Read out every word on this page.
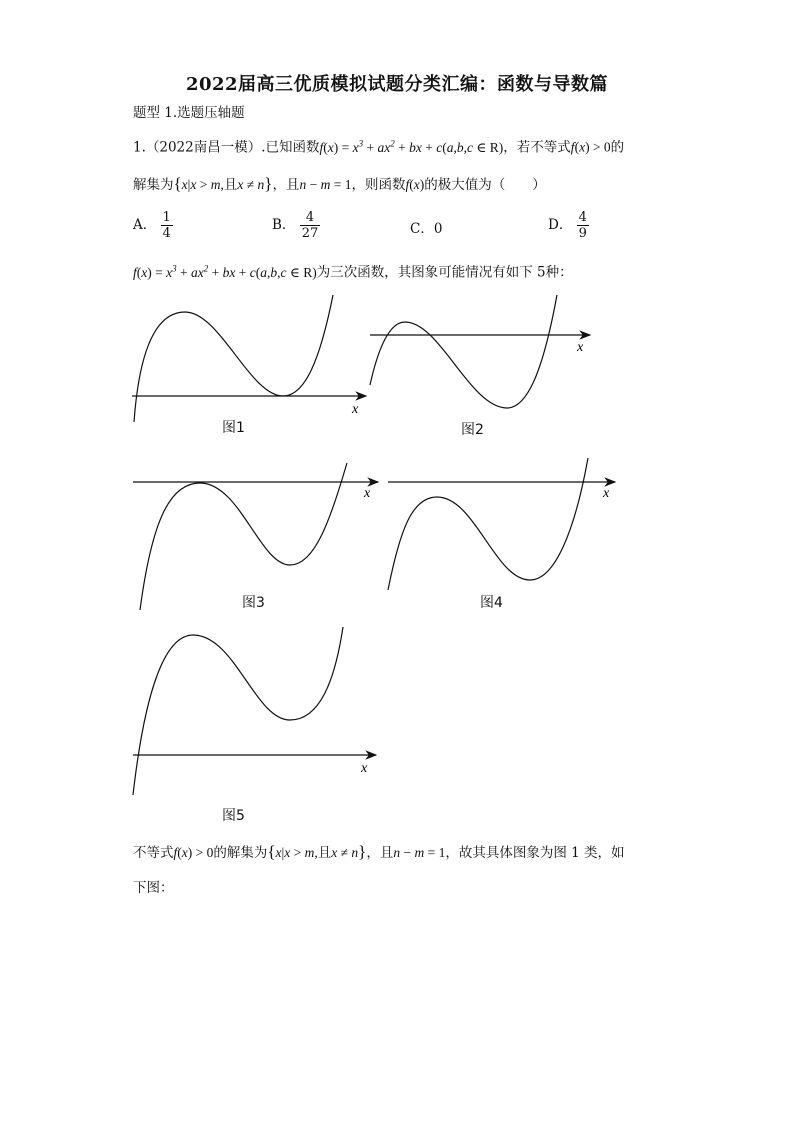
2022届高三优质模拟试题分类汇编：函数与导数篇
题型 1.选题压轴题
1.（2022南昌一模）.已知函数$f(x) = x^3 + ax^2$ + bx + c(a,b,c ∈ R)，若不等式f(x) > 0的
解集为{x|x > m,且x ≠ n}，且n − m = 1，则函数f(x)的极大值为（　　）
A． $\frac{1}{4}$	B． $\frac{4}{27}$	C．0	D． $\frac{4}{9}$
$f(x) = x^3 + ax^2$ + bx + c(a,b,c ∈ R)为三次函数，其图象可能情况有如下 5种：
x
x
x	x
x
图1	图2
图3	图4
图5
不等式f(x) > 0的解集为{x|x > m,且x ≠ n}，且n − m = 1，故其具体图象为图 1 类，如
下图：
